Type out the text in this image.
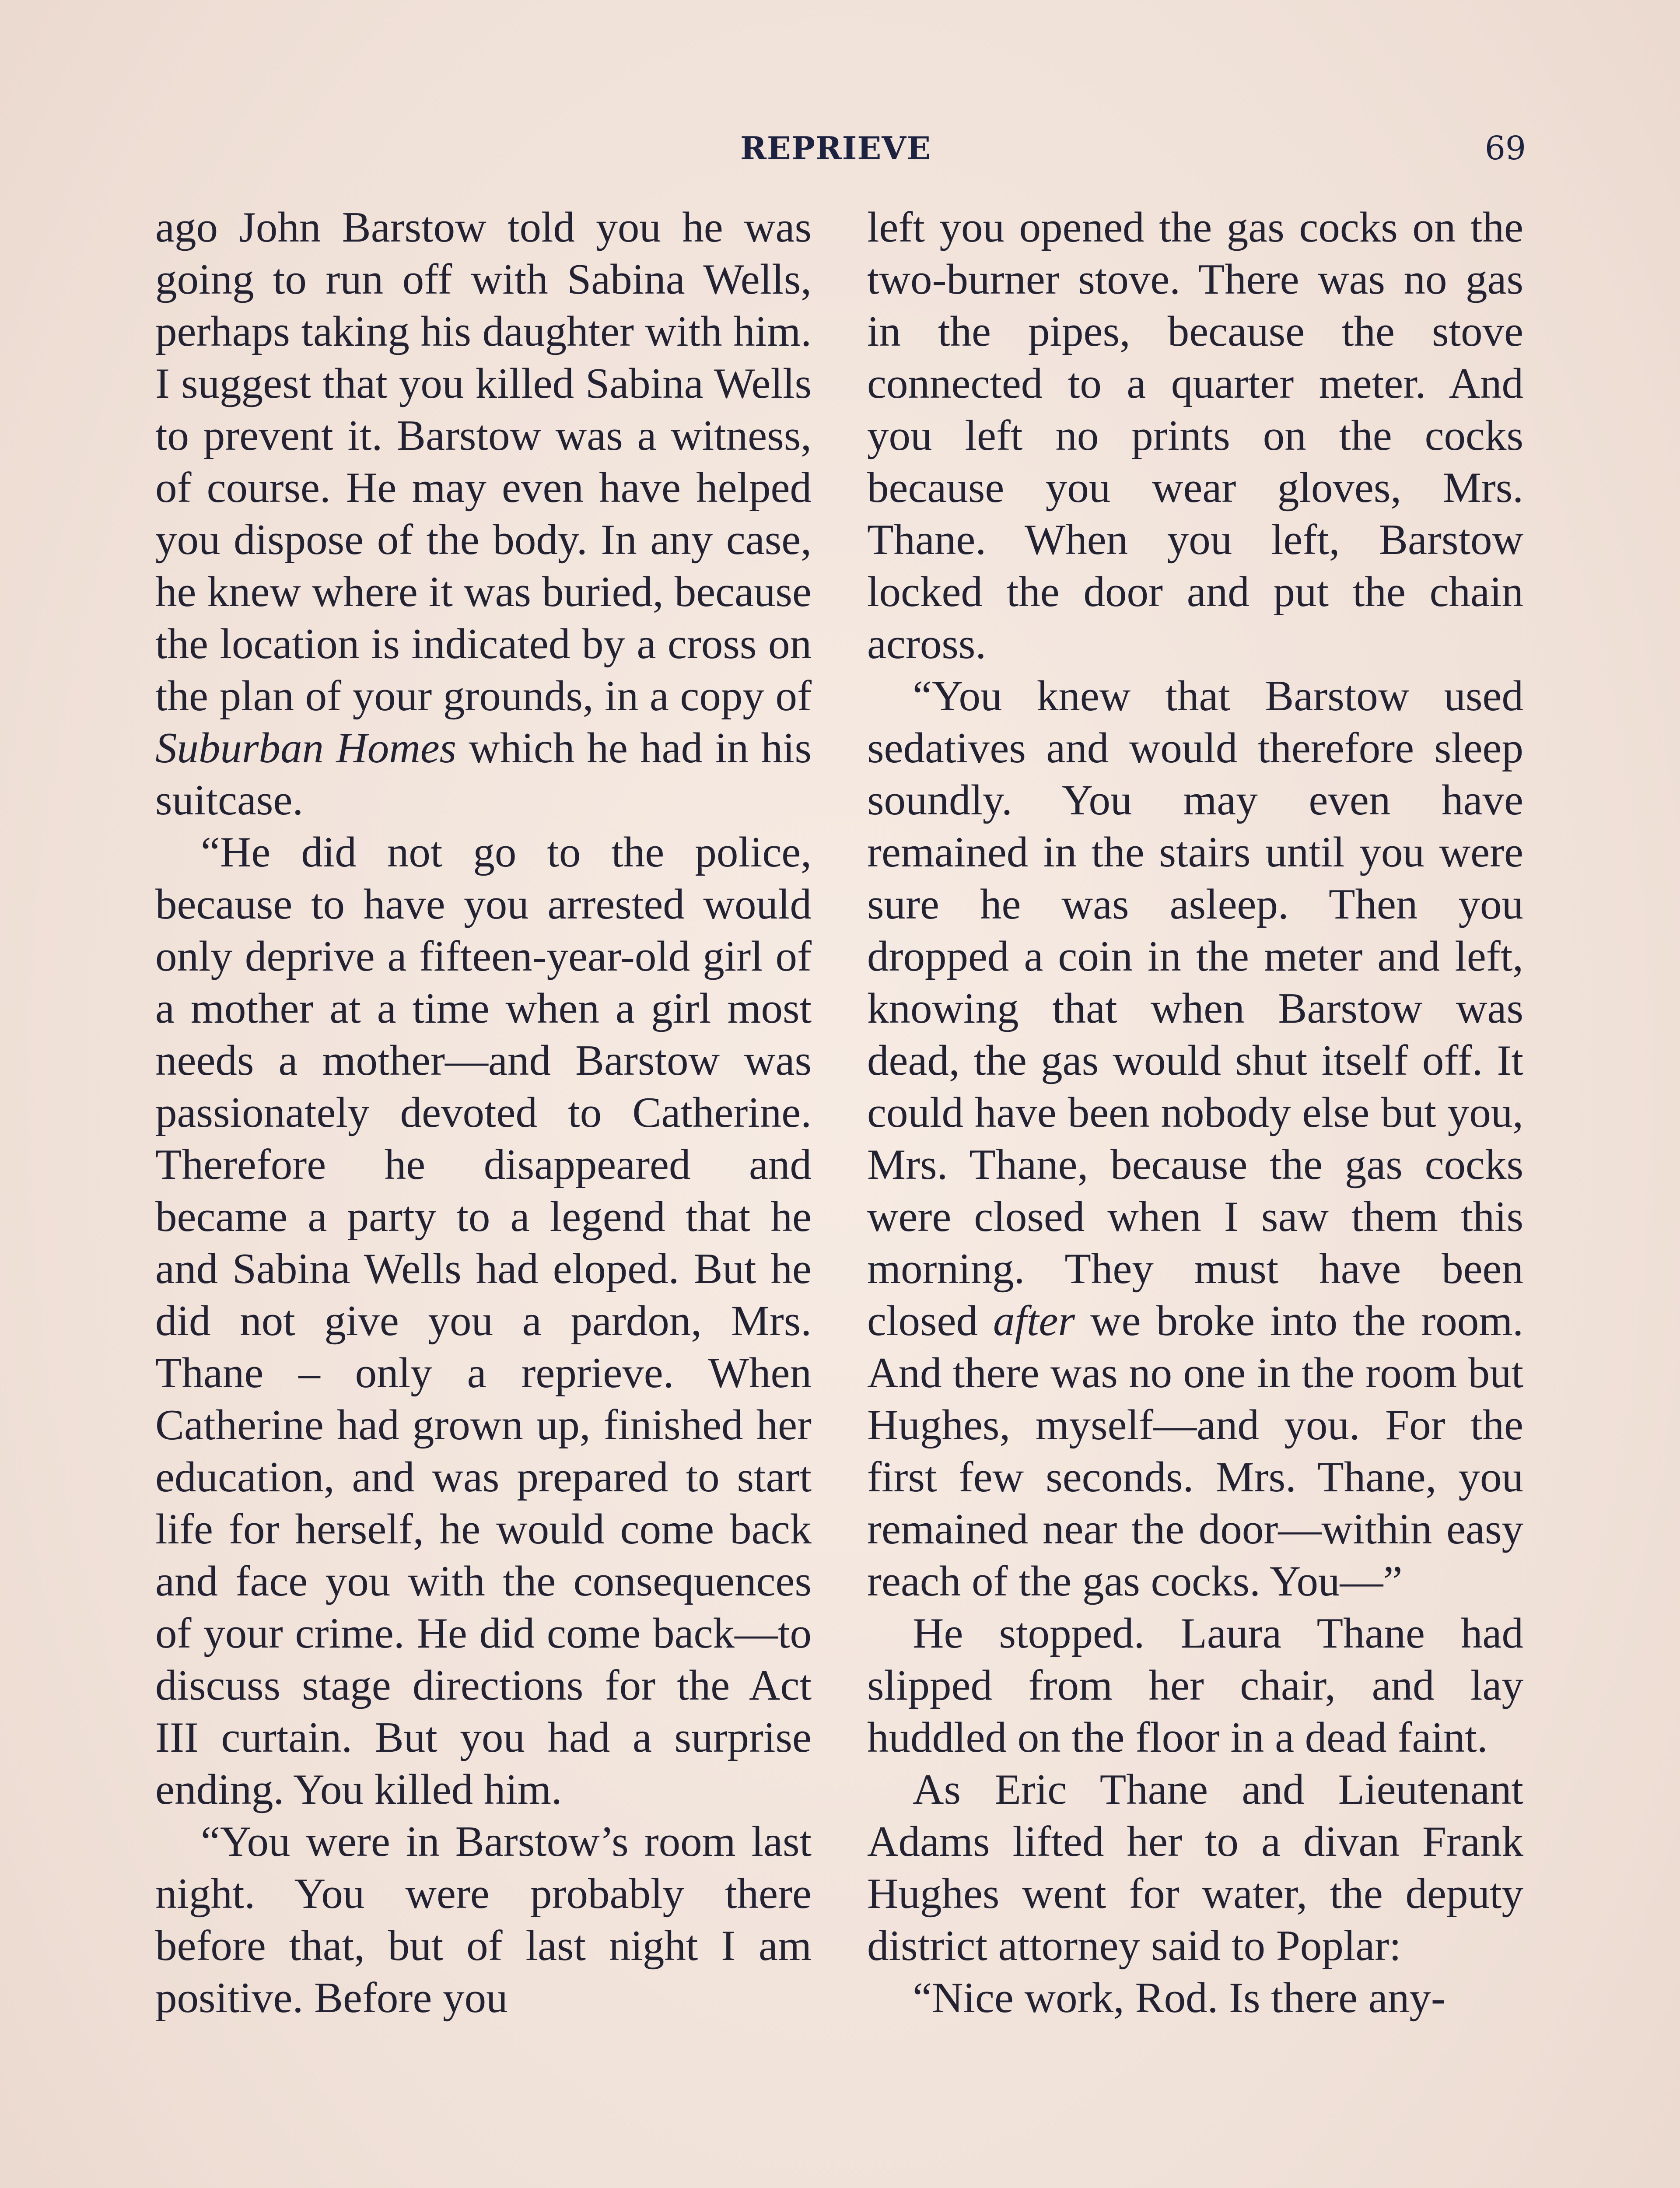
REPRIEVE	69

ago John Barstow told you he was going to run off with Sabina Wells, perhaps taking his daughter with him. I suggest that you killed Sabina Wells to prevent it. Barstow was a witness, of course. He may even have helped you dispose of the body. In any case, he knew where it was buried, because the location is indicated by a cross on the plan of your grounds, in a copy of Suburban Homes which he had in his suitcase.

“He did not go to the police, because to have you arrested would only deprive a fifteen-year-old girl of a mother at a time when a girl most needs a mother—and Barstow was passionately devoted to Catherine. Therefore he disappeared and became a party to a legend that he and Sabina Wells had eloped. But he did not give you a pardon, Mrs. Thane – only a reprieve. When Catherine had grown up, finished her education, and was prepared to start life for herself, he would come back and face you with the consequences of your crime. He did come back—to discuss stage directions for the Act III curtain. But you had a surprise ending. You killed him.

“You were in Barstow’s room last night. You were probably there before that, but of last night I am positive. Before you

left you opened the gas cocks on the two-burner stove. There was no gas in the pipes, because the stove connected to a quarter meter. And you left no prints on the cocks because you wear gloves, Mrs. Thane. When you left, Barstow locked the door and put the chain across.

“You knew that Barstow used sedatives and would therefore sleep soundly. You may even have remained in the stairs until you were sure he was asleep. Then you dropped a coin in the meter and left, knowing that when Barstow was dead, the gas would shut itself off. It could have been nobody else but you, Mrs. Thane, because the gas cocks were closed when I saw them this morning. They must have been closed after we broke into the room. And there was no one in the room but Hughes, myself—and you. For the first few seconds. Mrs. Thane, you remained near the door—within easy reach of the gas cocks. You—”

He stopped. Laura Thane had slipped from her chair, and lay huddled on the floor in a dead faint.

As Eric Thane and Lieutenant Adams lifted her to a divan Frank Hughes went for water, the deputy district attorney said to Poplar:

“Nice work, Rod. Is there any-
